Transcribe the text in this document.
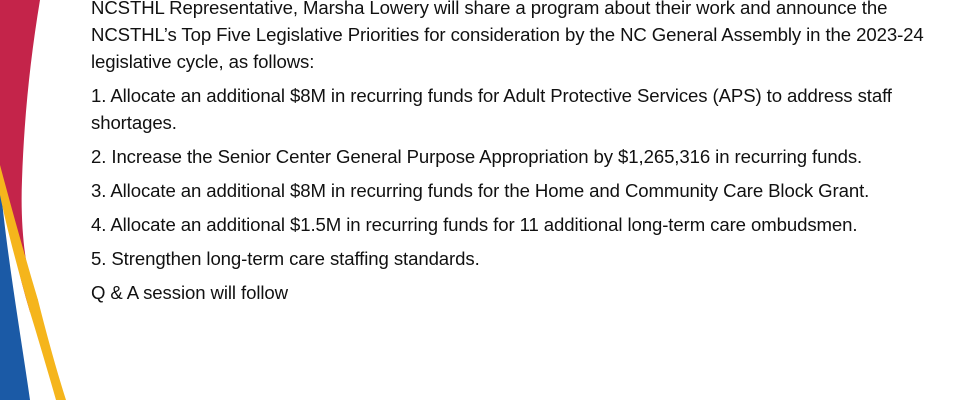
NCSTHL Representative, Marsha Lowery will share a program about their work and announce the NCSTHL’s Top Five Legislative Priorities for consideration by the NC General Assembly in the 2023-24 legislative cycle, as follows:

1. Allocate an additional $8M in recurring funds for Adult Protective Services (APS) to address staff shortages.

2. Increase the Senior Center General Purpose Appropriation by $1,265,316 in recurring funds.

3. Allocate an additional $8M in recurring funds for the Home and Community Care Block Grant.

4. Allocate an additional $1.5M in recurring funds for 11 additional long-term care ombudsmen.

5. Strengthen long-term care staffing standards.

Q & A session will follow
